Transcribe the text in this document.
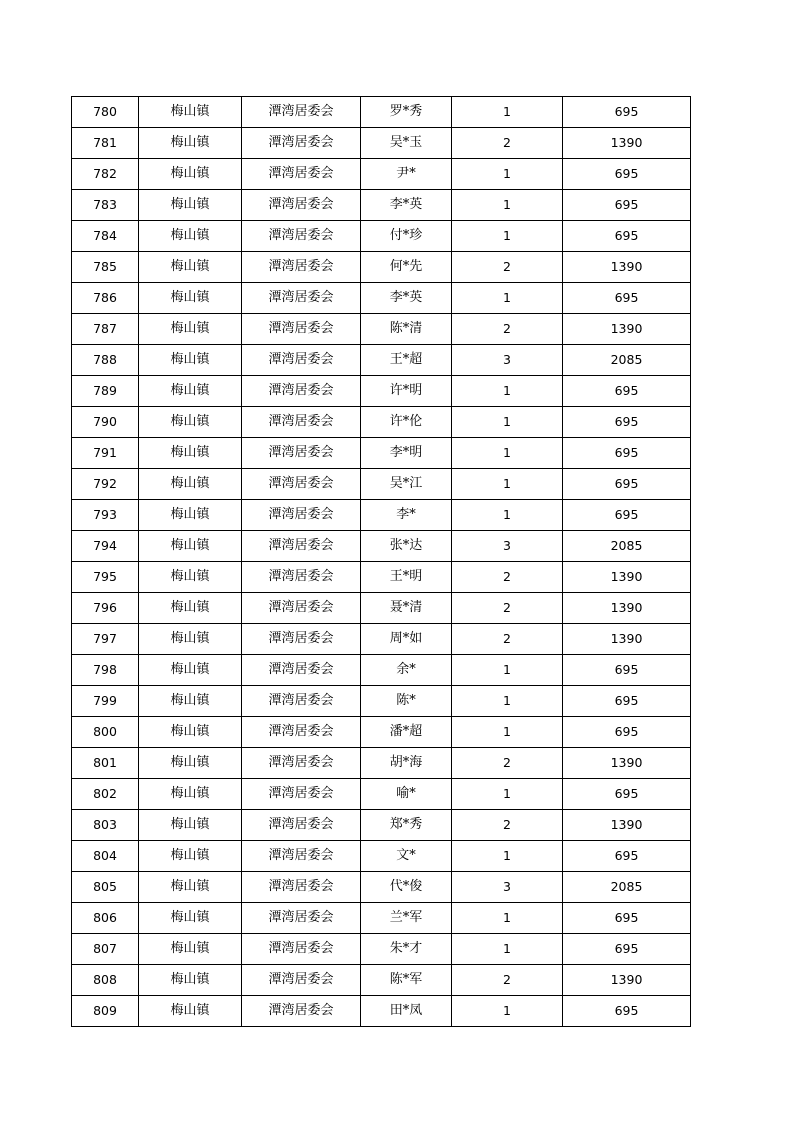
780	梅山镇	潭湾居委会	罗*秀	1	695
781	梅山镇	潭湾居委会	吴*玉	2	1390
782	梅山镇	潭湾居委会	尹*	1	695
783	梅山镇	潭湾居委会	李*英	1	695
784	梅山镇	潭湾居委会	付*珍	1	695
785	梅山镇	潭湾居委会	何*先	2	1390
786	梅山镇	潭湾居委会	李*英	1	695
787	梅山镇	潭湾居委会	陈*清	2	1390
788	梅山镇	潭湾居委会	王*超	3	2085
789	梅山镇	潭湾居委会	许*明	1	695
790	梅山镇	潭湾居委会	许*伦	1	695
791	梅山镇	潭湾居委会	李*明	1	695
792	梅山镇	潭湾居委会	吴*江	1	695
793	梅山镇	潭湾居委会	李*	1	695
794	梅山镇	潭湾居委会	张*达	3	2085
795	梅山镇	潭湾居委会	王*明	2	1390
796	梅山镇	潭湾居委会	聂*清	2	1390
797	梅山镇	潭湾居委会	周*如	2	1390
798	梅山镇	潭湾居委会	余*	1	695
799	梅山镇	潭湾居委会	陈*	1	695
800	梅山镇	潭湾居委会	潘*超	1	695
801	梅山镇	潭湾居委会	胡*海	2	1390
802	梅山镇	潭湾居委会	喻*	1	695
803	梅山镇	潭湾居委会	郑*秀	2	1390
804	梅山镇	潭湾居委会	文*	1	695
805	梅山镇	潭湾居委会	代*俊	3	2085
806	梅山镇	潭湾居委会	兰*军	1	695
807	梅山镇	潭湾居委会	朱*才	1	695
808	梅山镇	潭湾居委会	陈*军	2	1390
809	梅山镇	潭湾居委会	田*凤	1	695
